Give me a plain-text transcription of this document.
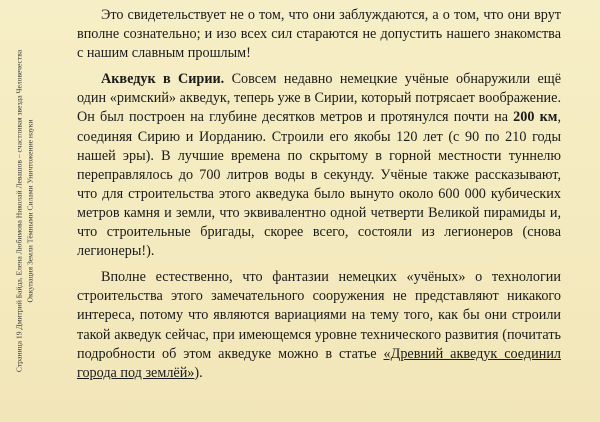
Страница 19 Дмитрий Байда, Елена Любимова Николай Левашов – счастливая звезда Человечества Оккупация Земли Тёмными Силами Уничтожение науки

Это свидетельствует не о том, что они заблуждаются, а о том, что они врут вполне сознательно; и изо всех сил стараются не допустить нашего знакомства с нашим славным прошлым!

Акведук в Сирии. Совсем недавно немецкие учёные обнаружили ещё один «римский» акведук, теперь уже в Сирии, который потрясает воображение. Он был построен на глубине десятков метров и протянулся почти на 200 км, соединяя Сирию и Иорданию. Строили его якобы 120 лет (с 90 по 210 годы нашей эры). В лучшие времена по скрытому в горной местности туннелю переправлялось до 700 литров воды в секунду. Учёные также рассказывают, что для строительства этого акведука было вынуто около 600 000 кубических метров камня и земли, что эквивалентно одной четверти Великой пирамиды и, что строительные бригады, скорее всего, состояли из легионеров (снова легионеры!).

Вполне естественно, что фантазии немецких «учёных» о технологии строительства этого замечательного сооружения не представляют никакого интереса, потому что являются вариациями на тему того, как бы они строили такой акведук сейчас, при имеющемся уровне технического развития (почитать подробности об этом акведуке можно в статье «Древний акведук соединил города под землёй»).
